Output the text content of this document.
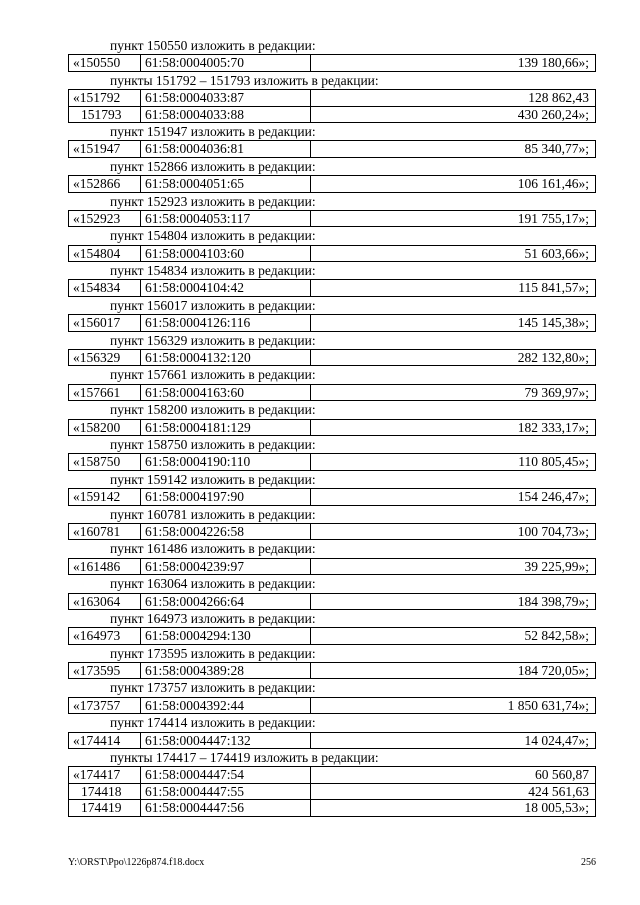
пункт 150550 изложить в редакции:
«150550	61:58:0004005:70	139 180,66»;
пункты 151792 – 151793 изложить в редакции:
«151792	61:58:0004033:87	128 862,43
151793	61:58:0004033:88	430 260,24»;
пункт 151947 изложить в редакции:
«151947	61:58:0004036:81	85 340,77»;
пункт 152866 изложить в редакции:
«152866	61:58:0004051:65	106 161,46»;
пункт 152923 изложить в редакции:
«152923	61:58:0004053:117	191 755,17»;
пункт 154804 изложить в редакции:
«154804	61:58:0004103:60	51 603,66»;
пункт 154834 изложить в редакции:
«154834	61:58:0004104:42	115 841,57»;
пункт 156017 изложить в редакции:
«156017	61:58:0004126:116	145 145,38»;
пункт 156329 изложить в редакции:
«156329	61:58:0004132:120	282 132,80»;
пункт 157661 изложить в редакции:
«157661	61:58:0004163:60	79 369,97»;
пункт 158200 изложить в редакции:
«158200	61:58:0004181:129	182 333,17»;
пункт 158750 изложить в редакции:
«158750	61:58:0004190:110	110 805,45»;
пункт 159142 изложить в редакции:
«159142	61:58:0004197:90	154 246,47»;
пункт 160781 изложить в редакции:
«160781	61:58:0004226:58	100 704,73»;
пункт 161486 изложить в редакции:
«161486	61:58:0004239:97	39 225,99»;
пункт 163064 изложить в редакции:
«163064	61:58:0004266:64	184 398,79»;
пункт 164973 изложить в редакции:
«164973	61:58:0004294:130	52 842,58»;
пункт 173595 изложить в редакции:
«173595	61:58:0004389:28	184 720,05»;
пункт 173757 изложить в редакции:
«173757	61:58:0004392:44	1 850 631,74»;
пункт 174414 изложить в редакции:
«174414	61:58:0004447:132	14 024,47»;
пункты 174417 – 174419 изложить в редакции:
«174417	61:58:0004447:54	60 560,87
174418	61:58:0004447:55	424 561,63
174419	61:58:0004447:56	18 005,53»;
Y:\ORST\Ppo\1226p874.f18.docx	256
